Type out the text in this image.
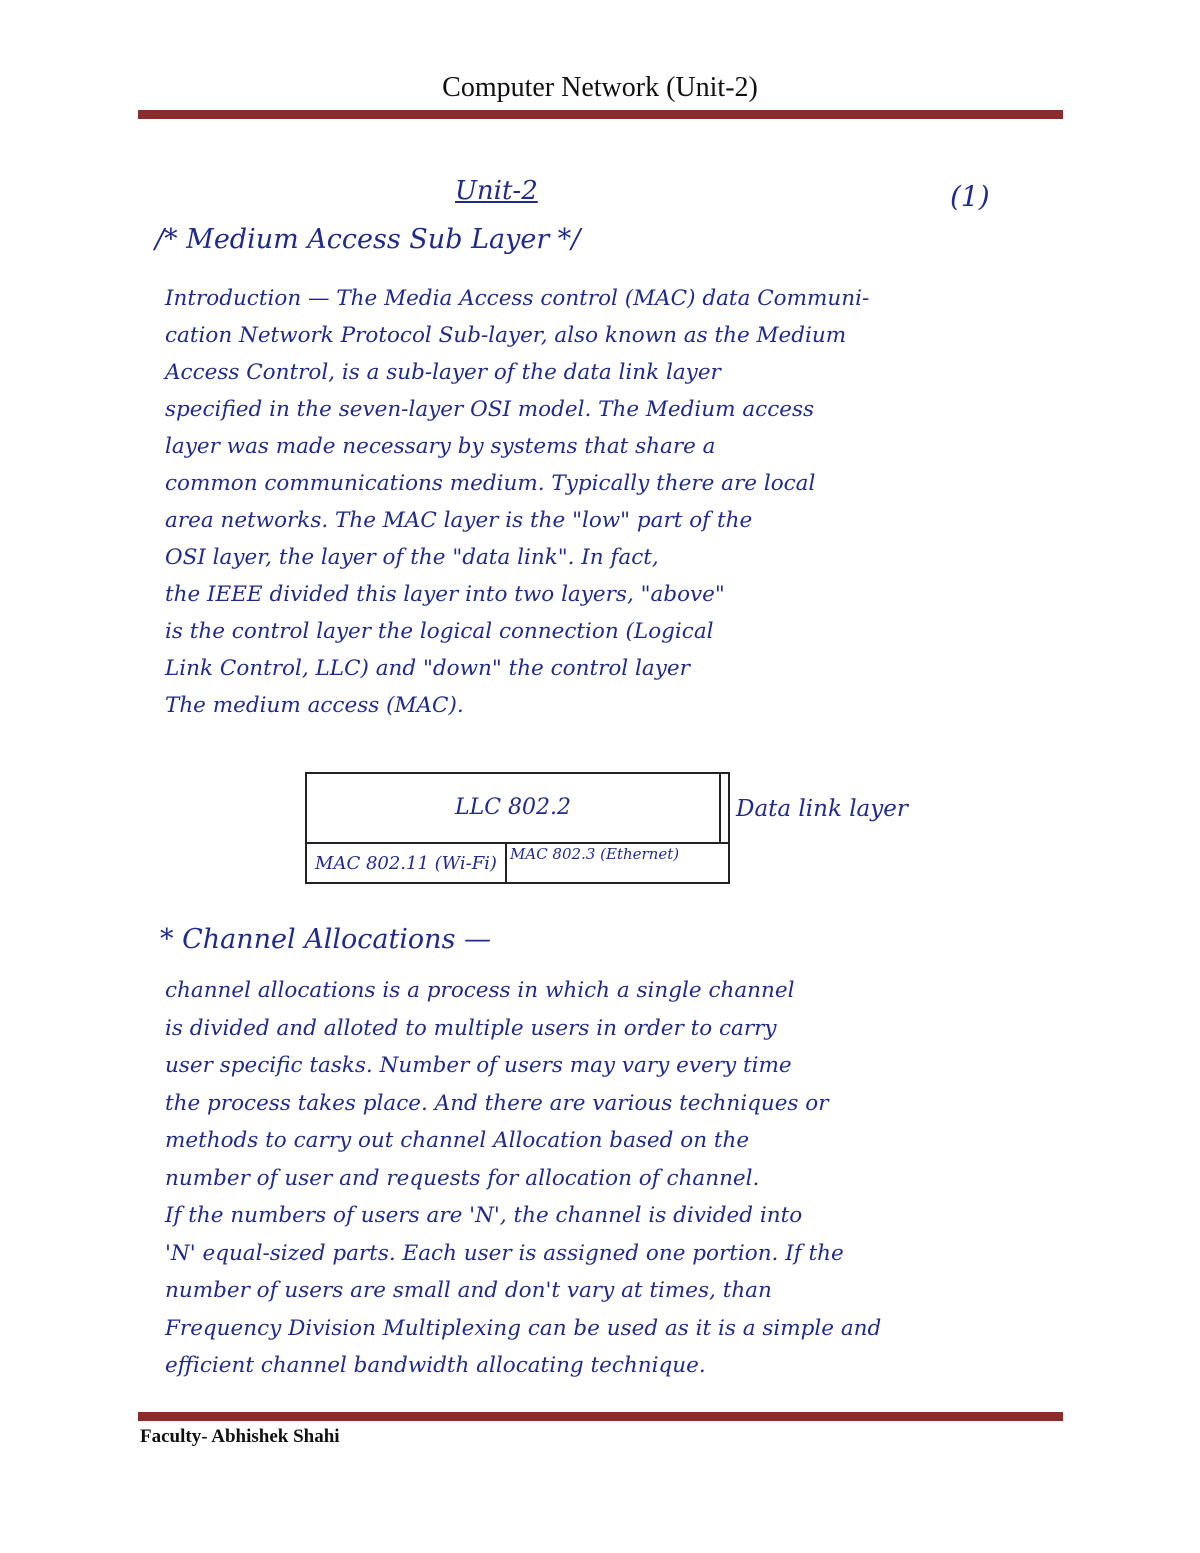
Computer Network (Unit-2)
Unit-2	(1)
/* Medium Access Sub Layer */
Introduction — The Media Access control (MAC) data Communi-
cation Network Protocol Sub-layer, also known as the Medium
Access Control, is a sub-layer of the data link layer
specified in the seven-layer OSI model. The Medium access
layer was made necessary by systems that share a
common communications medium. Typically there are local
area networks. The MAC layer is the "low" part of the
OSI layer, the layer of the "data link". In fact,
the IEEE divided this layer into two layers, "above"
is the control layer the logical connection (Logical
Link Control, LLC) and "down" the control layer
The medium access (MAC).
LLC 802.2
MAC 802.11 (Wi-Fi) MAC 802.3 (Ethernet)
Data link layer
* Channel Allocations —
channel allocations is a process in which a single channel
is divided and alloted to multiple users in order to carry
user specific tasks. Number of users may vary every time
the process takes place. And there are various techniques or
methods to carry out channel Allocation based on the
number of user and requests for allocation of channel.
If the numbers of users are 'N', the channel is divided into
'N' equal-sized parts. Each user is assigned one portion. If the
number of users are small and don't vary at times, than
Frequency Division Multiplexing can be used as it is a simple and
efficient channel bandwidth allocating technique.
Faculty- Abhishek Shahi
